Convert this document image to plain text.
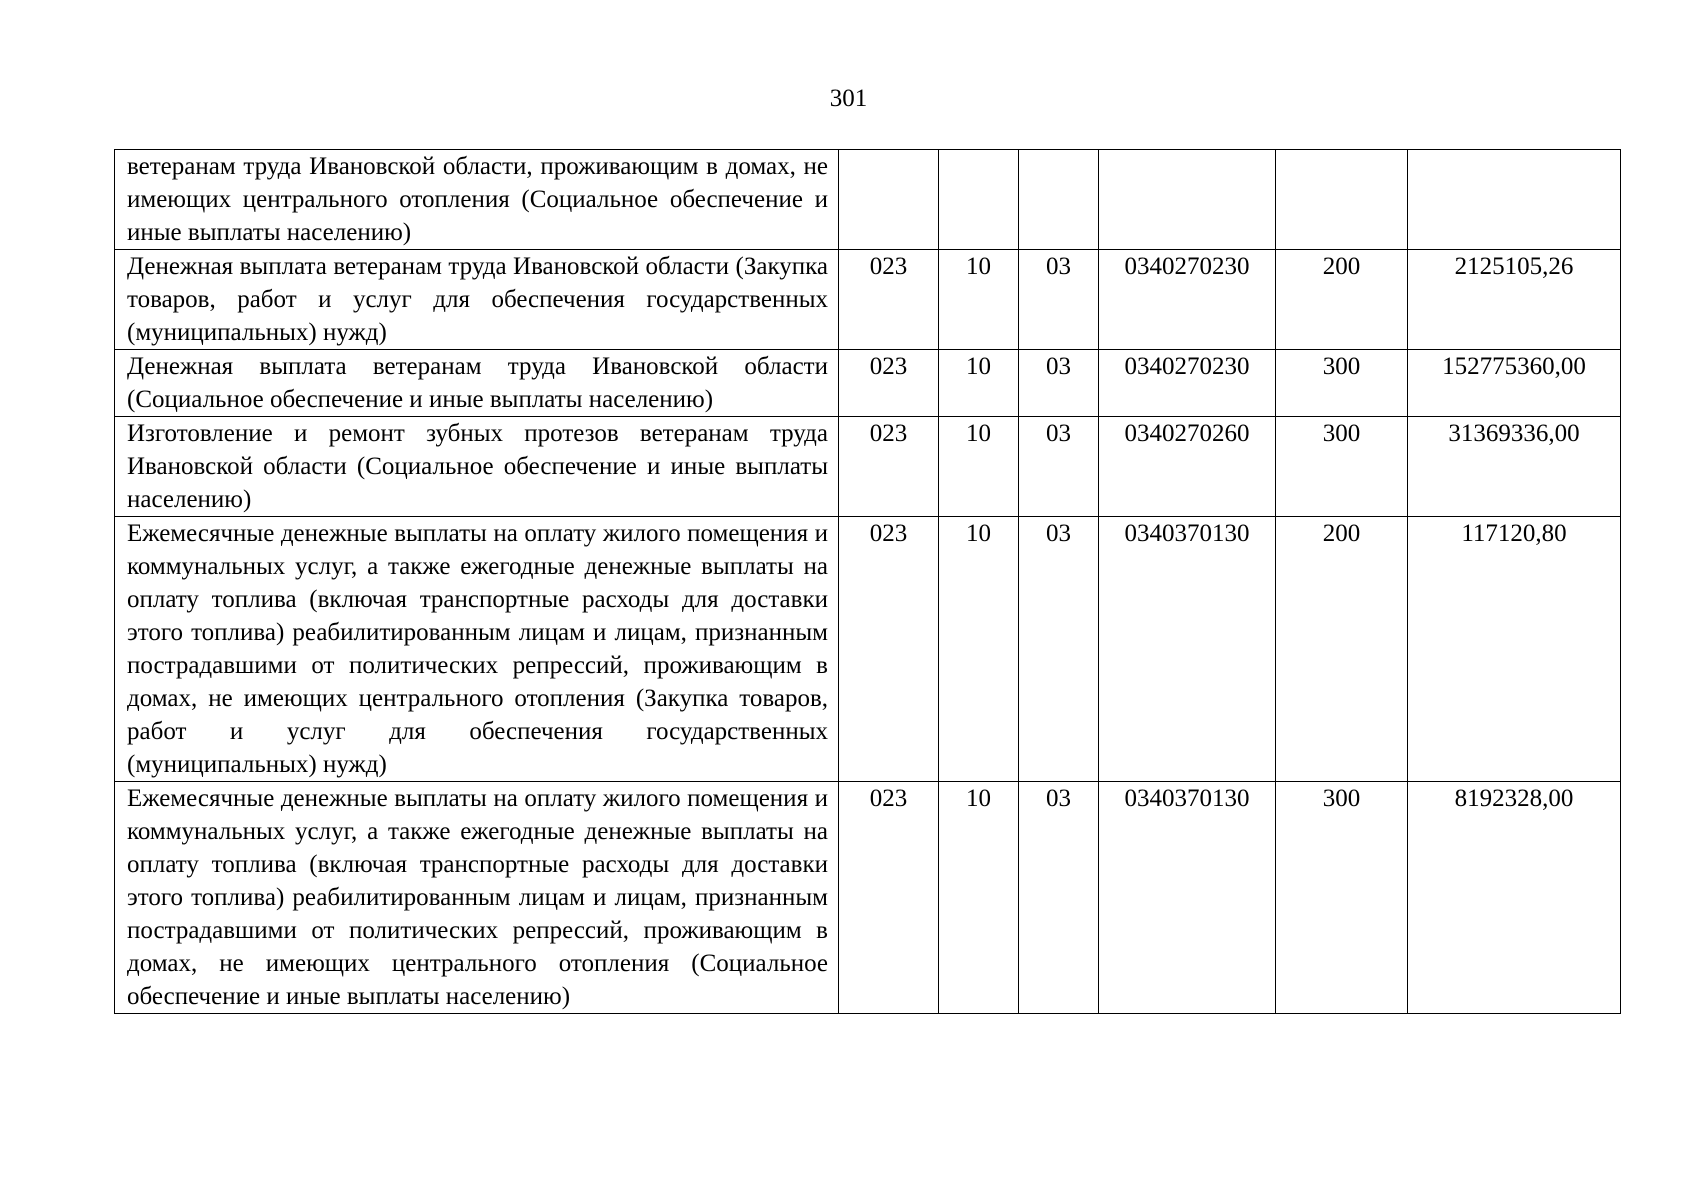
301
ветеранам труда Ивановской области, проживающим в домах, не имеющих центрального отопления (Социальное обеспечение и иные выплаты населению)						
Денежная выплата ветеранам труда Ивановской области (Закупка товаров, работ и услуг для обеспечения государственных (муниципальных) нужд)	023	10	03	0340270230	200	2125105,26
Денежная выплата ветеранам труда Ивановской области (Социальное обеспечение и иные выплаты населению)	023	10	03	0340270230	300	152775360,00
Изготовление и ремонт зубных протезов ветеранам труда Ивановской области (Социальное обеспечение и иные выплаты населению)	023	10	03	0340270260	300	31369336,00
Ежемесячные денежные выплаты на оплату жилого помещения и коммунальных услуг, а также ежегодные денежные выплаты на оплату топлива (включая транспортные расходы для доставки этого топлива) реабилитированным лицам и лицам, признанным пострадавшими от политических репрессий, проживающим в домах, не имеющих центрального отопления (Закупка товаров, работ и услуг для обеспечения государственных (муниципальных) нужд)	023	10	03	0340370130	200	117120,80
Ежемесячные денежные выплаты на оплату жилого помещения и коммунальных услуг, а также ежегодные денежные выплаты на оплату топлива (включая транспортные расходы для доставки этого топлива) реабилитированным лицам и лицам, признанным пострадавшими от политических репрессий, проживающим в домах, не имеющих центрального отопления (Социальное обеспечение и иные выплаты населению)	023	10	03	0340370130	300	8192328,00
